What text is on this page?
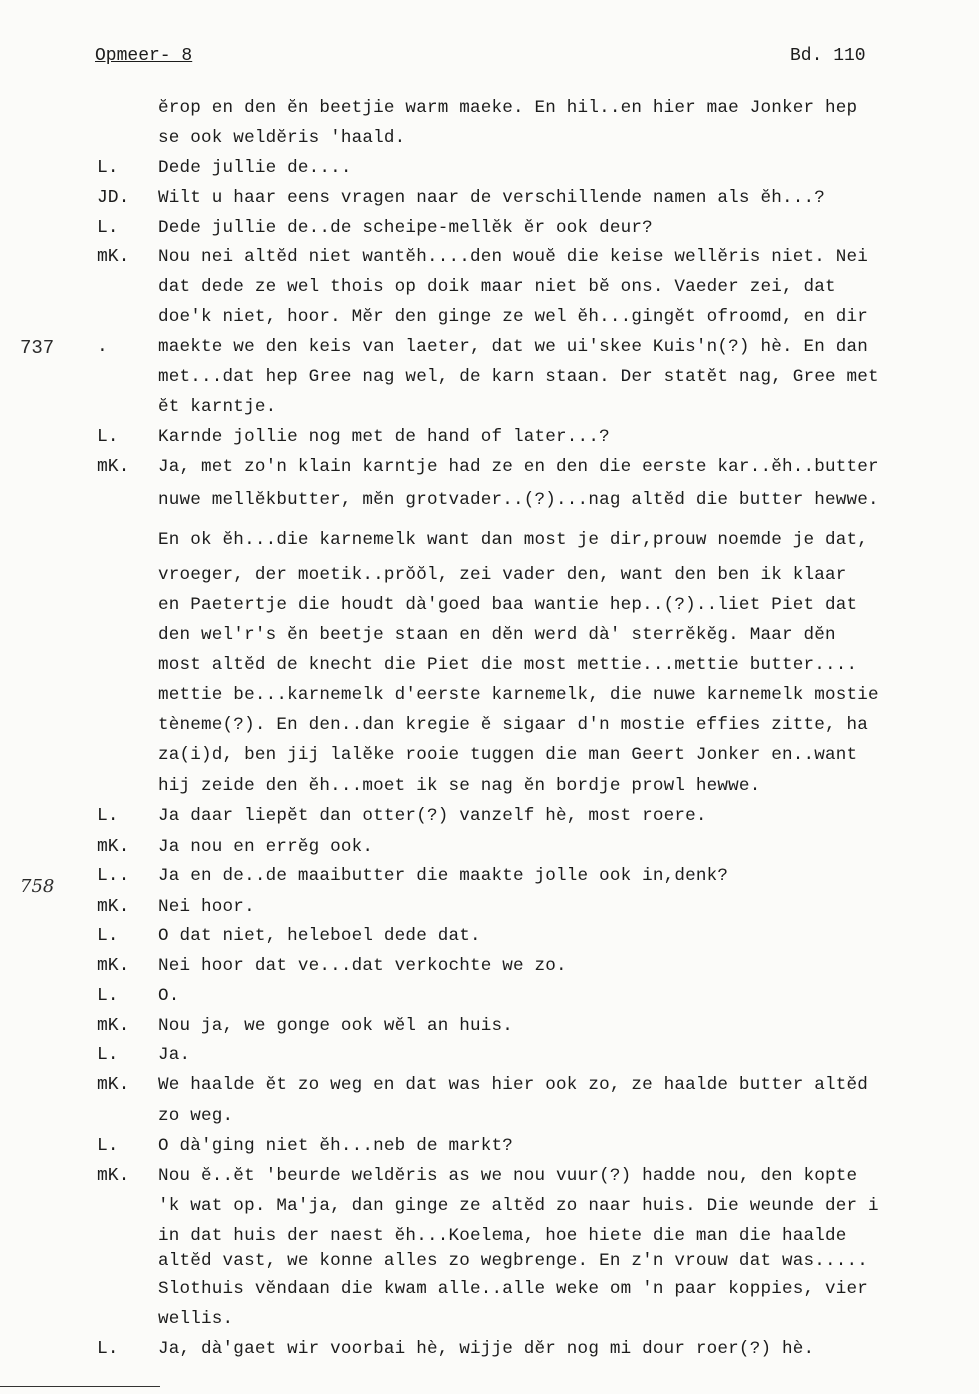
Opmeer- 8	Bd. 110
737 .
758
L.
JD.
L.
mK.
L.
mK.
L.
mK.
L..
mK.
L.
mK.
L.
mK.
L.
mK.
L.
mK.
L.
ĕrop en den ĕn beetjie warm maeke. En hil..en hier mae Jonker hep
se ook weldĕris 'haald.
Dede jullie de....
Wilt u haar eens vragen naar de verschillende namen als ĕh...?
Dede jullie de..de scheipe-mellĕk ĕr ook deur?
Nou nei altĕd niet wantĕh....den wouĕ die keise wellĕris niet. Nei
dat dede ze wel thois op doik maar niet bĕ ons. Vaeder zei, dat
doe'k niet, hoor. Mĕr den ginge ze wel ĕh...gingĕt ofroomd, en dir
maekte we den keis van laeter, dat we ui'skee Kuis'n(?) hè. En dan
met...dat hep Gree nag wel, de karn staan. Der statĕt nag, Gree met
ĕt karntje.
Karnde jollie nog met de hand of later...?
Ja, met zo'n klain karntje had ze en den die eerste kar..ĕh..butter
nuwe mellĕkbutter, mĕn grotvader..(?)...nag altĕd die butter hewwe.
En ok ĕh...die karnemelk want dan most je dir,prouw noemde je dat,
vroeger, der moetik..prŏŏl, zei vader den, want den ben ik klaar
en Paetertje die houdt dà'goed baa wantie hep..(?)..liet Piet dat
den wel'r's ĕn beetje staan en dĕn werd dà' sterrĕkĕg. Maar dĕn
most altĕd de knecht die Piet die most mettie...mettie butter....
mettie be...karnemelk d'eerste karnemelk, die nuwe karnemelk mostie
tèneme(?). En den..dan kregie ĕ sigaar d'n mostie effies zitte, ha
za(i)d, ben jij lalĕke rooie tuggen die man Geert Jonker en..want
hij zeide den ĕh...moet ik se nag ĕn bordje prowl hewwe.
Ja daar liepĕt dan otter(?) vanzelf hè, most roere.
Ja nou en errĕg ook.
Ja en de..de maaibutter die maakte jolle ook in,denk?
Nei hoor.
O dat niet, heleboel dede dat.
Nei hoor dat ve...dat verkochte we zo.
O.
Nou ja, we gonge ook wĕl an huis.
Ja.
We haalde ĕt zo weg en dat was hier ook zo, ze haalde butter altĕd
zo weg.
O dà'ging niet ĕh...neb de markt?
Nou ĕ..ĕt 'beurde weldĕris as we nou vuur(?) hadde nou, den kopte
'k wat op. Ma'ja, dan ginge ze altĕd zo naar huis. Die weunde der i
in dat huis der naest ĕh...Koelema, hoe hiete die man die haalde
altĕd vast, we konne alles zo wegbrenge. En z'n vrouw dat was.....
Slothuis vĕndaan die kwam alle..alle weke om 'n paar koppies, vier
wellis.
Ja, dà'gaet wir voorbai hè, wijje dĕr nog mi dour roer(?) hè.
